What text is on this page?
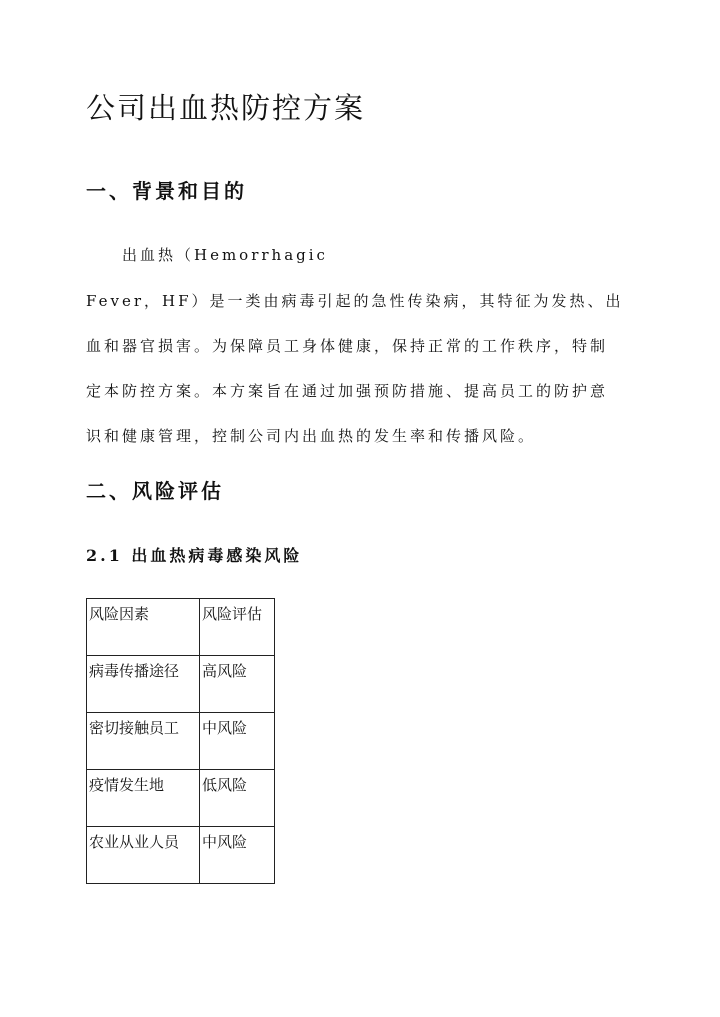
公司出血热防控方案
一、背景和目的
出血热（Hemorrhagic
Fever，HF）是一类由病毒引起的急性传染病，其特征为发热、出
血和器官损害。为保障员工身体健康，保持正常的工作秩序，特制
定本防控方案。本方案旨在通过加强预防措施、提高员工的防护意
识和健康管理，控制公司内出血热的发生率和传播风险。
二、风险评估
2.1 出血热病毒感染风险
风险因素	风险评估
病毒传播途径	高风险
密切接触员工	中风险
疫情发生地	低风险
农业从业人员	中风险
